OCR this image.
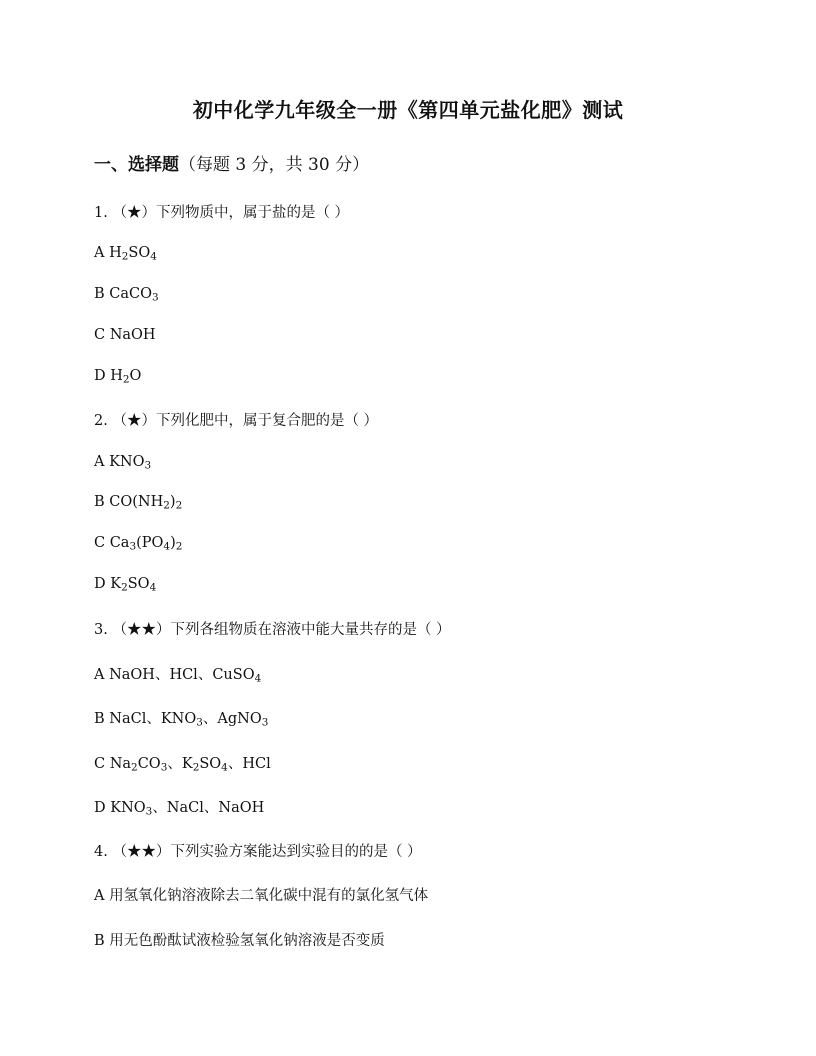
初中化学九年级全一册《第四单元盐化肥》测试
一、选择题（每题 3 分，共 30 分）
1. （★）下列物质中，属于盐的是（ ）
A $H_2SO_4$
B CaCO$_3$
C NaOH
D $H_2O$
2. （★）下列化肥中，属于复合肥的是（ ）
A $KNO_3$
B $CO(NH_2)_2$
C $Ca_3(PO_4)_2$
D $K_2SO_4$
3. （★★）下列各组物质在溶液中能大量共存的是（ ）
A NaOH、HCl、CuSO$_4$
B NaCl、$KNO_3$、AgNO$_3$
C $Na_2CO_3$、$K_2SO_4$、HCl
D $KNO_3$、NaCl、NaOH
4. （★★）下列实验方案能达到实验目的的是（ ）
A 用氢氧化钠溶液除去二氧化碳中混有的氯化氢气体
B 用无色酚酞试液检验氢氧化钠溶液是否变质
